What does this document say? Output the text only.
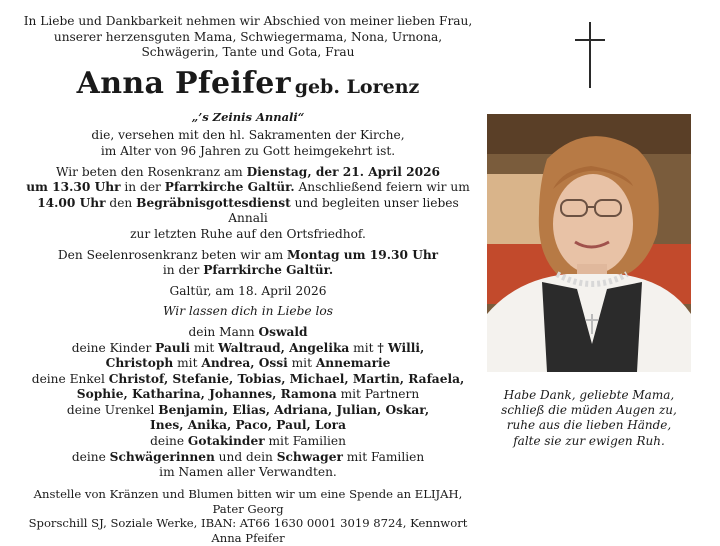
In Liebe und Dankbarkeit nehmen wir Abschied von meiner lieben Frau,

unserer herzensguten Mama, Schwiegermama, Nona, Urnona,

Schwägerin, Tante und Gota, Frau

Anna Pfeifer geb. Lorenz

„’s Zeinis Annali“

die, versehen mit den hl. Sakramenten der Kirche,

im Alter von 96 Jahren zu Gott heimgekehrt ist.

Wir beten den Rosenkranz am Dienstag, der 21. April 2026

um 13.30 Uhr in der Pfarrkirche Galtür. Anschließend feiern wir um

14.00 Uhr den Begräbnisgottesdienst und begleiten unser liebes Annali

zur letzten Ruhe auf den Ortsfriedhof.

Den Seelenrosenkranz beten wir am Montag um 19.30 Uhr

in der Pfarrkirche Galtür.

Galtür, am 18. April 2026

Wir lassen dich in Liebe los

dein Mann Oswald

deine Kinder Pauli mit Waltraud, Angelika mit † Willi,

Christoph mit Andrea, Ossi mit Annemarie

deine Enkel Christof, Stefanie, Tobias, Michael, Martin, Rafaela,

Sophie, Katharina, Johannes, Ramona mit Partnern

deine Urenkel Benjamin, Elias, Adriana, Julian, Oskar,

Ines, Anika, Paco, Paul, Lora

deine Gotakinder mit Familien

deine Schwägerinnen und dein Schwager mit Familien

im Namen aller Verwandten.

Anstelle von Kränzen und Blumen bitten wir um eine Spende an ELIJAH, Pater Georg

Sporschill SJ, Soziale Werke, IBAN: AT66 1630 0001 3019 8724, Kennwort Anna Pfeifer

Habe Dank, geliebte Mama,

schließ die müden Augen zu,

ruhe aus die lieben Hände,

falte sie zur ewigen Ruh.
